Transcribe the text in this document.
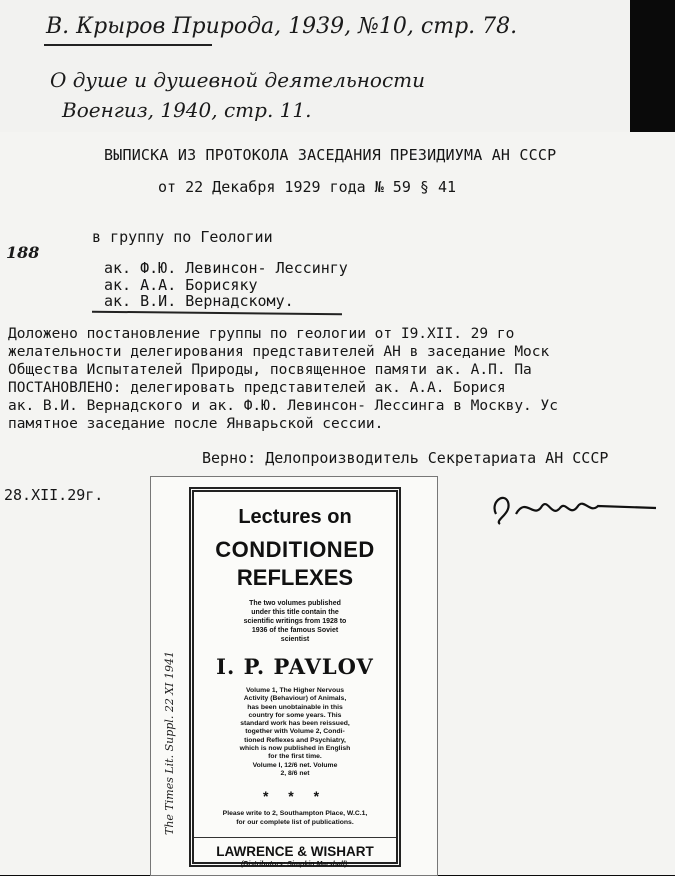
В. Крыров Природа, 1939, №10, стр. 78.
О душе и душевной деятельности
Военгиз, 1940, стр. 11.
ВЫПИСКА ИЗ ПРОТОКОЛА ЗАСЕДАНИЯ ПРЕЗИДИУМА АН СССР
от 22 Декабря 1929 года № 59 § 41
188
в группу по Геологии
ак. Ф.Ю. Левинсон- Лессингу
ак. А.А. Борисяку
ак. В.И. Вернадскому.
Доложено постановление группы по геологии от I9.XII. 29 го
желательности делегирования представителей АН в заседание Моск
Общества Испытателей Природы, посвященное памяти ак. А.П. Па
ПОСТАНОВЛЕНО: делегировать представителей ак. А.А. Борися
ак. В.И. Вернадского и ак. Ф.Ю. Левинсон- Лессинга в Москву. Ус
памятное заседание после Январьской сессии.
Верно: Делопроизводитель Секретариата АН СССР
28.XII.29г.
Lectures on
CONDITIONED
REFLEXES
The two volumes published
under this title contain the
scientific writings from 1928 to
1936 of the famous Soviet
scientist
I. P. PAVLOV
Volume 1, The Higher Nervous
Activity (Behaviour) of Animals,
has been unobtainable in this
country for some years. This
standard work has been reissued,
together with Volume 2, Condi-
tioned Reflexes and Psychiatry,
which is now published in English
for the first time.
Volume I, 12/6 net. Volume
2, 8/6 net
* * *
Please write to 2, Southampton Place, W.C.1,
for our complete list of publications.
LAWRENCE & WISHART
(Distributors: Simpkin Marshall).
The Times Lit. Suppl. 22 XI 1941
